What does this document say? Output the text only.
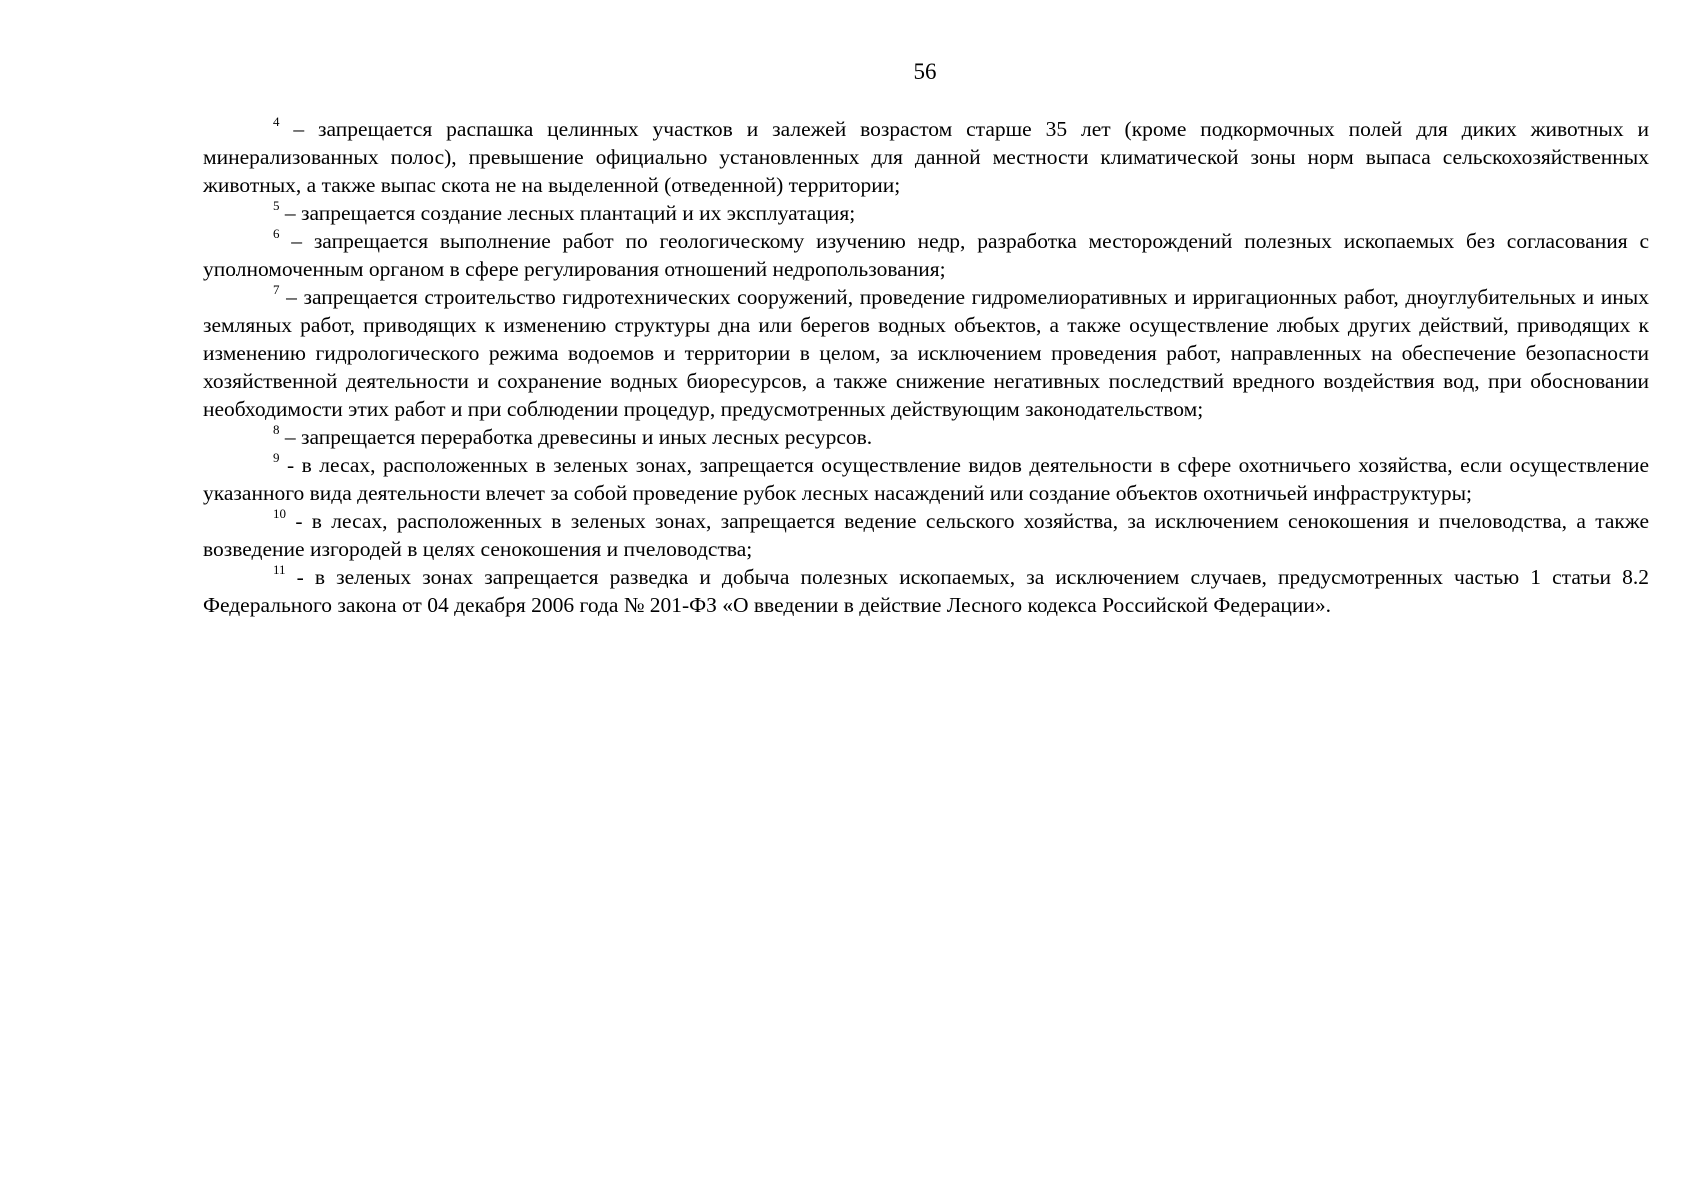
56

$^4$ – запрещается распашка целинных участков и залежей возрастом старше 35 лет (кроме подкормочных полей для диких животных и минерализованных полос), превышение официально установленных для данной местности климатической зоны норм выпаса сельскохозяйственных животных, а также выпас скота не на выделенной (отведенной) территории;

$^5$ – запрещается создание лесных плантаций и их эксплуатация;

$^6$ – запрещается выполнение работ по геологическому изучению недр, разработка месторождений полезных ископаемых без согласования с уполномоченным органом в сфере регулирования отношений недропользования;

$^7$ – запрещается строительство гидротехнических сооружений, проведение гидромелиоративных и ирригационных работ, дноуглубительных и иных земляных работ, приводящих к изменению структуры дна или берегов водных объектов, а также осуществление любых других действий, приводящих к изменению гидрологического режима водоемов и территории в целом, за исключением проведения работ, направленных на обеспечение безопасности хозяйственной деятельности и сохранение водных биоресурсов, а также снижение негативных последствий вредного воздействия вод, при обосновании необходимости этих работ и при соблюдении процедур, предусмотренных действующим законодательством;

$^8$ – запрещается переработка древесины и иных лесных ресурсов.

$^9$ - в лесах, расположенных в зеленых зонах, запрещается осуществление видов деятельности в сфере охотничьего хозяйства, если осуществление указанного вида деятельности влечет за собой проведение рубок лесных насаждений или создание объектов охотничьей инфраструктуры;

$^{10}$ - в лесах, расположенных в зеленых зонах, запрещается ведение сельского хозяйства, за исключением сенокошения и пчеловодства, а также возведение изгородей в целях сенокошения и пчеловодства;

$^{11}$ - в зеленых зонах запрещается разведка и добыча полезных ископаемых, за исключением случаев, предусмотренных частью 1 статьи 8.2 Федерального закона от 04 декабря 2006 года № 201-ФЗ «О введении в действие Лесного кодекса Российской Федерации».
